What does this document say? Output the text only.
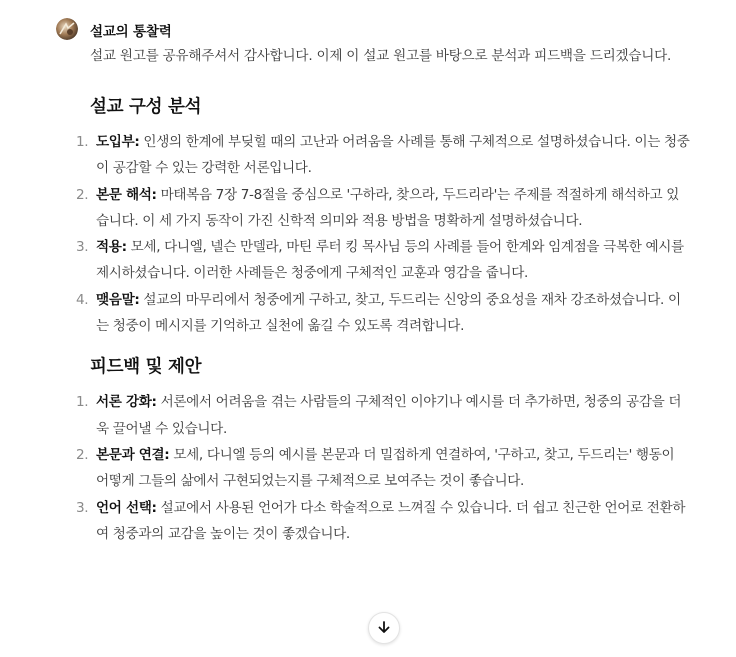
설교의 통찰력

설교 원고를 공유해주셔서 감사합니다. 이제 이 설교 원고를 바탕으로 분석과 피드백을 드리겠습니다.

설교 구성 분석
1. 도입부: 인생의 한계에 부딪힐 때의 고난과 어려움을 사례를 통해 구체적으로 설명하셨습니다. 이는 청중이 공감할 수 있는 강력한 서론입니다.
2. 본문 해석: 마태복음 7장 7-8절을 중심으로 '구하라, 찾으라, 두드리라'는 주제를 적절하게 해석하고 있습니다. 이 세 가지 동작이 가진 신학적 의미와 적용 방법을 명확하게 설명하셨습니다.
3. 적용: 모세, 다니엘, 넬슨 만델라, 마틴 루터 킹 목사님 등의 사례를 들어 한계와 임계점을 극복한 예시를 제시하셨습니다. 이러한 사례들은 청중에게 구체적인 교훈과 영감을 줍니다.
4. 맺음말: 설교의 마무리에서 청중에게 구하고, 찾고, 두드리는 신앙의 중요성을 재차 강조하셨습니다. 이는 청중이 메시지를 기억하고 실천에 옮길 수 있도록 격려합니다.
피드백 및 제안
1. 서론 강화: 서론에서 어려움을 겪는 사람들의 구체적인 이야기나 예시를 더 추가하면, 청중의 공감을 더욱 끌어낼 수 있습니다.
2. 본문과 연결: 모세, 다니엘 등의 예시를 본문과 더 밀접하게 연결하여, '구하고, 찾고, 두드리는' 행동이 어떻게 그들의 삶에서 구현되었는지를 구체적으로 보여주는 것이 좋습니다.
3. 언어 선택: 설교에서 사용된 언어가 다소 학술적으로 느껴질 수 있습니다. 더 쉽고 친근한 언어로 전환하여 청중과의 교감을 높이는 것이 좋겠습니다.
